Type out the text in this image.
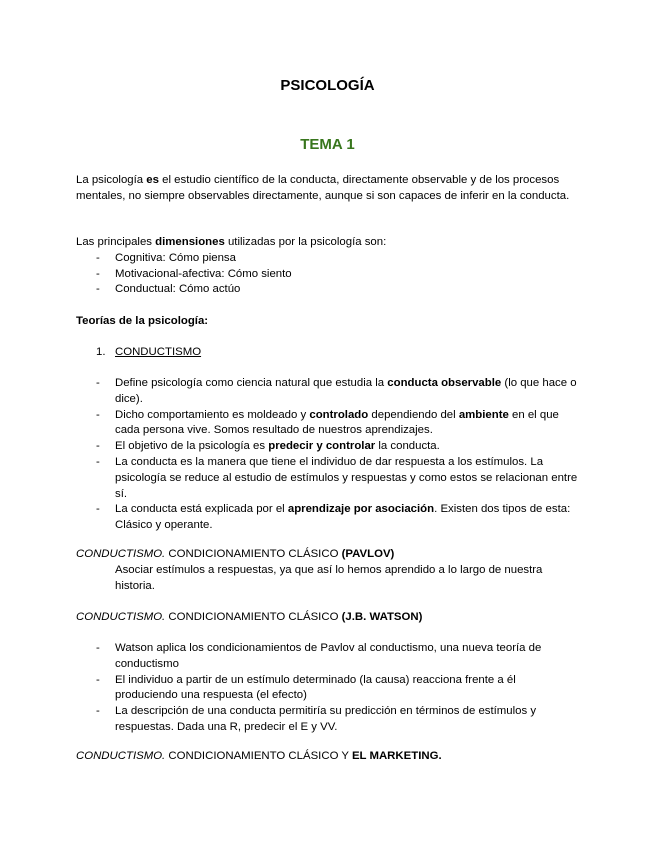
PSICOLOGÍA
TEMA 1

La psicología es el estudio científico de la conducta, directamente observable y de los procesos mentales, no siempre observables directamente, aunque si son capaces de inferir en la conducta.

Las principales dimensiones utilizadas por la psicología son:

- Cognitiva: Cómo piensa
- Motivacional-afectiva: Cómo siento
- Conductual: Cómo actúo
Teorías de la psicología:
1. CONDUCTISMO
- Define psicología como ciencia natural que estudia la conducta observable (lo que hace o dice).
- Dicho comportamiento es moldeado y controlado dependiendo del ambiente en el que cada persona vive. Somos resultado de nuestros aprendizajes.
- El objetivo de la psicología es predecir y controlar la conducta.
- La conducta es la manera que tiene el individuo de dar respuesta a los estímulos. La psicología se reduce al estudio de estímulos y respuestas y como estos se relacionan entre sí.
- La conducta está explicada por el aprendizaje por asociación. Existen dos tipos de esta: Clásico y operante.

CONDUCTISMO. CONDICIONAMIENTO CLÁSICO (PAVLOV)

Asociar estímulos a respuestas, ya que así lo hemos aprendido a lo largo de nuestra historia.

CONDUCTISMO. CONDICIONAMIENTO CLÁSICO (J.B. WATSON)

- Watson aplica los condicionamientos de Pavlov al conductismo, una nueva teoría de conductismo
- El individuo a partir de un estímulo determinado (la causa) reacciona frente a él produciendo una respuesta (el efecto)
- La descripción de una conducta permitiría su predicción en términos de estímulos y respuestas. Dada una R, predecir el E y VV.

CONDUCTISMO. CONDICIONAMIENTO CLÁSICO Y EL MARKETING.
